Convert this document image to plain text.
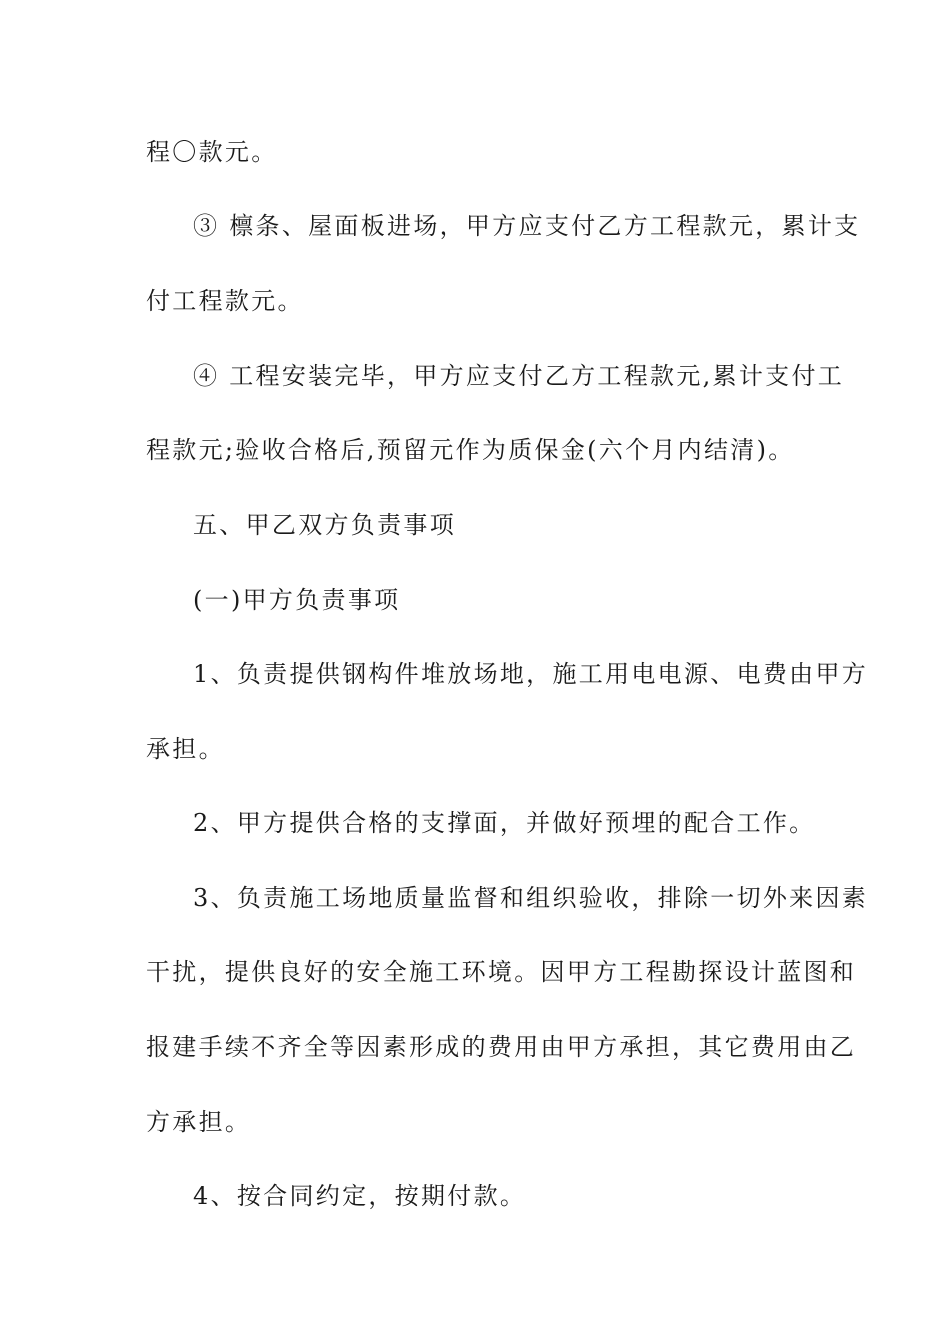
程〇款元。

③ 檩条、屋面板进场，甲方应支付乙方工程款元，累计支

付工程款元。

④ 工程安装完毕，甲方应支付乙方工程款元,累计支付工

程款元;验收合格后,预留元作为质保金(六个月内结清)。

五、甲乙双方负责事项

(一)甲方负责事项

1、负责提供钢构件堆放场地，施工用电电源、电费由甲方

承担。

2、甲方提供合格的支撑面，并做好预埋的配合工作。

3、负责施工场地质量监督和组织验收，排除一切外来因素

干扰，提供良好的安全施工环境。因甲方工程勘探设计蓝图和

报建手续不齐全等因素形成的费用由甲方承担，其它费用由乙

方承担。

4、按合同约定，按期付款。
